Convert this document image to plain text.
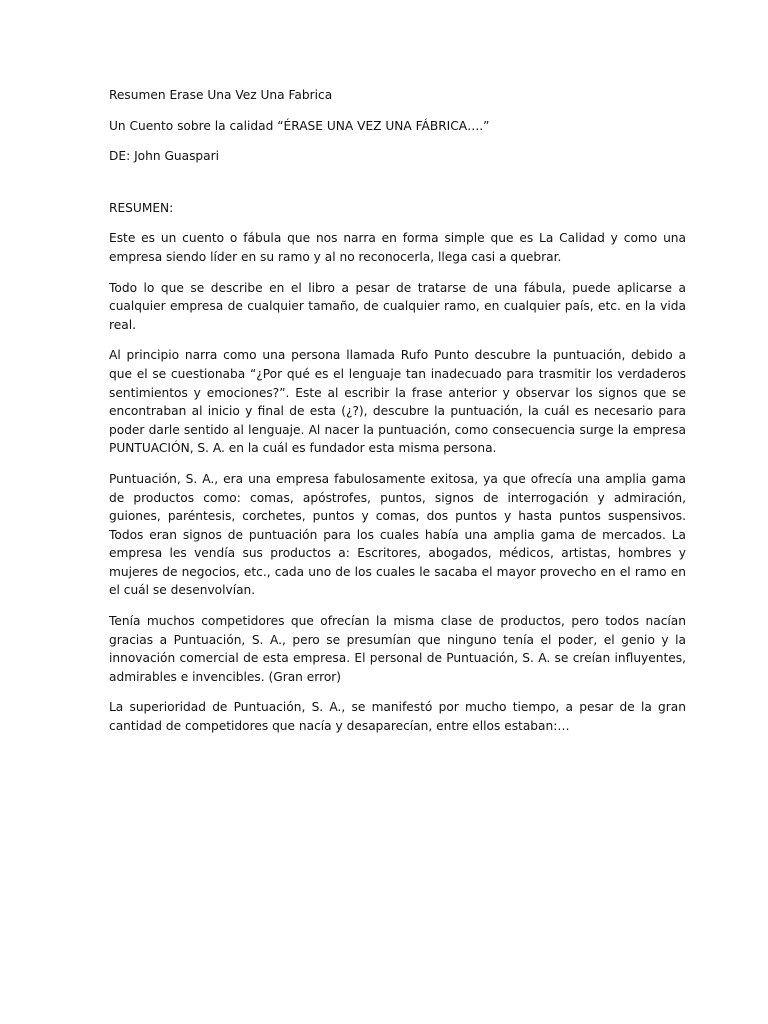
Resumen Erase Una Vez Una Fabrica

Un Cuento sobre la calidad “ÉRASE UNA VEZ UNA FÁBRICA….”

DE: John Guaspari

RESUMEN:

Este es un cuento o fábula que nos narra en forma simple que es La Calidad y como una empresa siendo líder en su ramo y al no reconocerla, llega casi a quebrar.

Todo lo que se describe en el libro a pesar de tratarse de una fábula, puede aplicarse a cualquier empresa de cualquier tamaño, de cualquier ramo, en cualquier país, etc. en la vida real.

Al principio narra como una persona llamada Rufo Punto descubre la puntuación, debido a que el se cuestionaba “¿Por qué es el lenguaje tan inadecuado para trasmitir los verdaderos sentimientos y emociones?”. Este al escribir la frase anterior y observar los signos que se encontraban al inicio y final de esta (¿?), descubre la puntuación, la cuál es necesario para poder darle sentido al lenguaje. Al nacer la puntuación, como consecuencia surge la empresa PUNTUACIÓN, S. A. en la cuál es fundador esta misma persona.

Puntuación, S. A., era una empresa fabulosamente exitosa, ya que ofrecía una amplia gama de productos como: comas, apóstrofes, puntos, signos de interrogación y admiración, guiones, paréntesis, corchetes, puntos y comas, dos puntos y hasta puntos suspensivos. Todos eran signos de puntuación para los cuales había una amplia gama de mercados. La empresa les vendía sus productos a: Escritores, abogados, médicos, artistas, hombres y mujeres de negocios, etc., cada uno de los cuales le sacaba el mayor provecho en el ramo en el cuál se desenvolvían.

Tenía muchos competidores que ofrecían la misma clase de productos, pero todos nacían gracias a Puntuación, S. A., pero se presumían que ninguno tenía el poder, el genio y la innovación comercial de esta empresa. El personal de Puntuación, S. A. se creían influyentes, admirables e invencibles. (Gran error)

La superioridad de Puntuación, S. A., se manifestó por mucho tiempo, a pesar de la gran cantidad de competidores que nacía y desaparecían, entre ellos estaban:…
